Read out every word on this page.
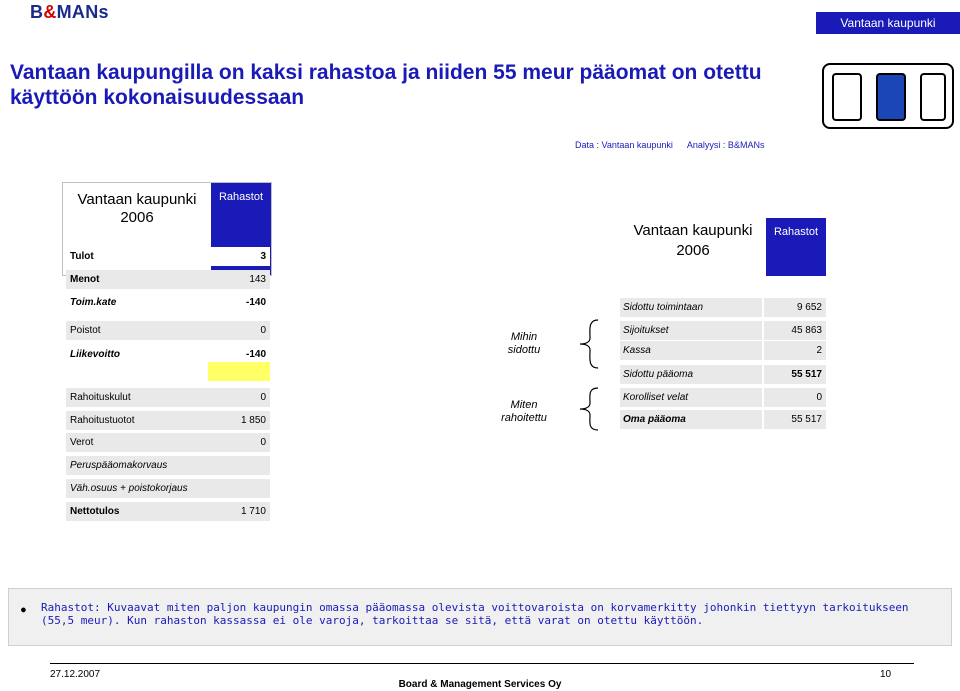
B&MANs
Vantaan kaupunki
Vantaan kaupungilla on kaksi rahastoa ja niiden 55 meur pääomat on otettu käyttöön kokonaisuudessaan
Data : Vantaan kaupunki Analyysi : B&MANs
Vantaan kaupunki
2006
Rahastot
Tulot	3
Menot	143
Toim.kate	-140
Poistot	0
Liikevoitto	-140
Rahoituskulut	0
Rahoitustuotot	1 850
Verot	0
Peruspääomakorvaus
Väh.osuus + poistokorjaus
Nettotulos	1 710
Mihin sidottu
Miten rahoitettu
Vantaan kaupunki
2006
Rahastot
Sidottu toimintaan	9 652
Sijoitukset	45 863
Kassa	2
Sidottu pääoma	55 517
Korolliset velat	0
Oma pääoma	55 517
● Rahastot: Kuvaavat miten paljon kaupungin omassa pääomassa olevista voittovaroista on korvamerkitty johonkin tiettyyn tarkoitukseen (55,5 meur). Kun rahaston kassassa ei ole varoja, tarkoittaa se sitä, että varat on otettu käyttöön.
27.12.2007	10
Board & Management Services Oy
